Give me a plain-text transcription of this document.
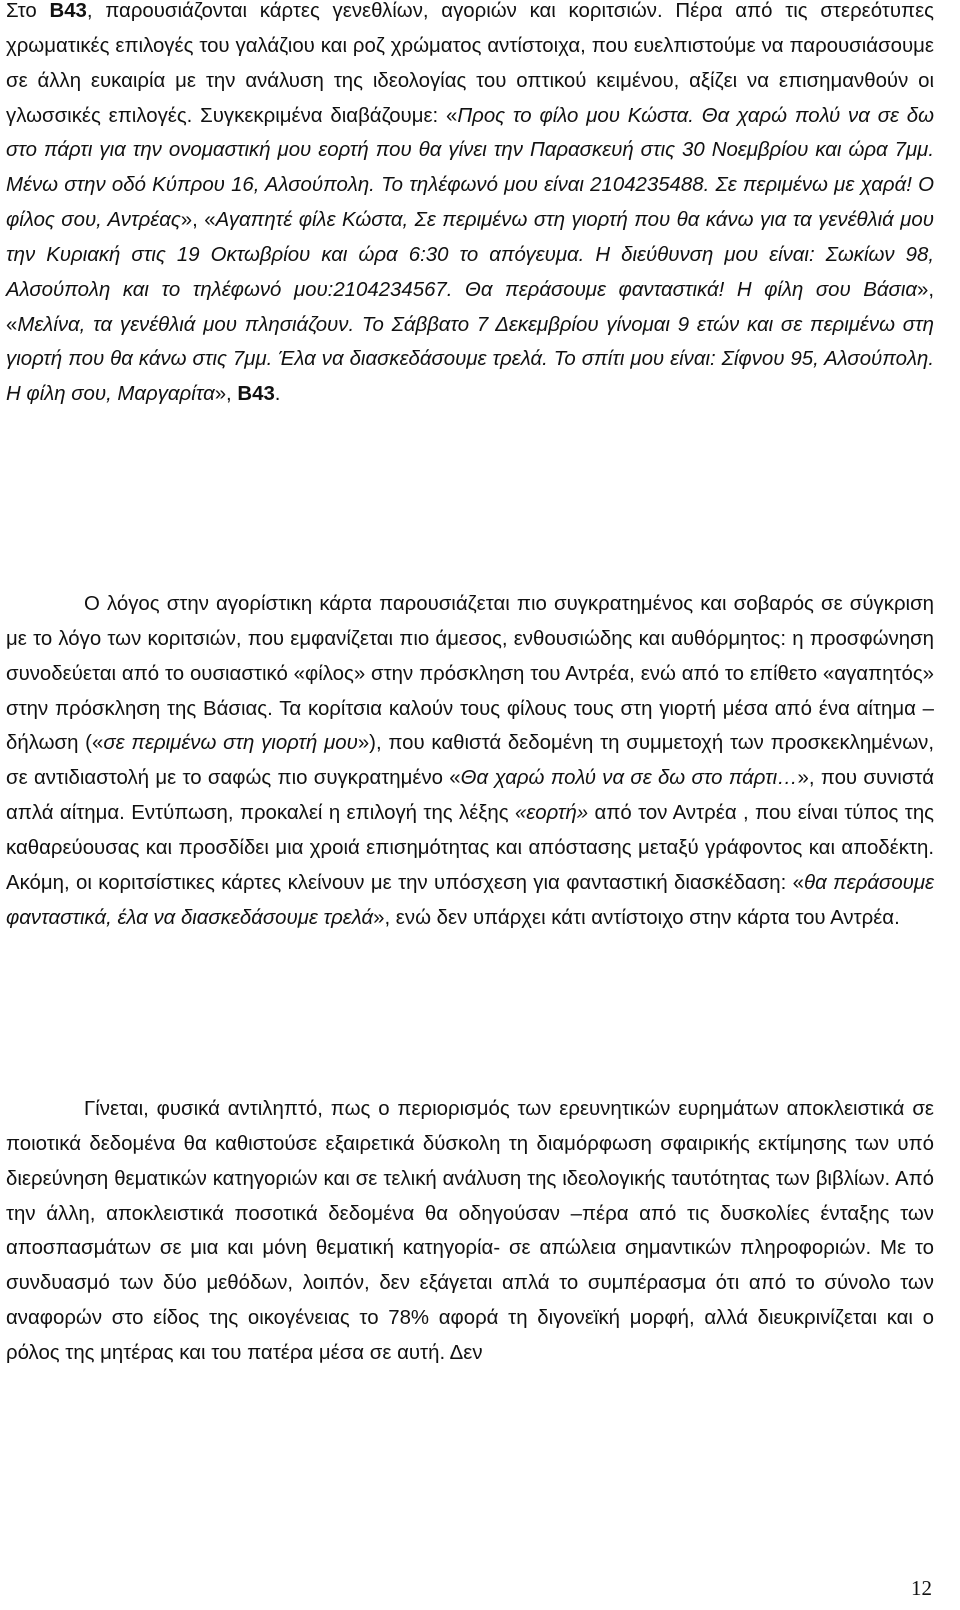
Στο Β43, παρουσιάζονται κάρτες γενεθλίων, αγοριών και κοριτσιών. Πέρα από τις στερεότυπες χρωματικές επιλογές του γαλάζιου και ροζ χρώματος αντίστοιχα, που ευελπιστούμε να παρουσιάσουμε σε άλλη ευκαιρία με την ανάλυση της ιδεολογίας του οπτικού κειμένου, αξίζει να επισημανθούν οι γλωσσικές επιλογές. Συγκεκριμένα διαβάζουμε: «Προς το φίλο μου Κώστα. Θα χαρώ πολύ να σε δω στο πάρτι για την ονομαστική μου εορτή που θα γίνει την Παρασκευή στις 30 Νοεμβρίου και ώρα 7μμ. Μένω στην οδό Κύπρου 16, Αλσούπολη. Το τηλέφωνό μου είναι 2104235488. Σε περιμένω με χαρά! Ο φίλος σου, Αντρέας», «Αγαπητέ φίλε Κώστα, Σε περιμένω στη γιορτή που θα κάνω για τα γενέθλιά μου την Κυριακή στις 19 Οκτωβρίου και ώρα 6:30 το απόγευμα. Η διεύθυνση μου είναι: Σωκίων 98, Αλσούπολη και το τηλέφωνό μου:2104234567. Θα περάσουμε φανταστικά! Η φίλη σου Βάσια», «Μελίνα, τα γενέθλιά μου πλησιάζουν. Το Σάββατο 7 Δεκεμβρίου γίνομαι 9 ετών και σε περιμένω στη γιορτή που θα κάνω στις 7μμ. Έλα να διασκεδάσουμε τρελά. Το σπίτι μου είναι: Σίφνου 95, Αλσούπολη. Η φίλη σου, Μαργαρίτα», Β43.

Ο λόγος στην αγορίστικη κάρτα παρουσιάζεται πιο συγκρατημένος και σοβαρός σε σύγκριση με το λόγο των κοριτσιών, που εμφανίζεται πιο άμεσος, ενθουσιώδης και αυθόρμητος: η προσφώνηση συνοδεύεται από το ουσιαστικό «φίλος» στην πρόσκληση του Αντρέα, ενώ από το επίθετο «αγαπητός» στην πρόσκληση της Βάσιας. Τα κορίτσια καλούν τους φίλους τους στη γιορτή μέσα από ένα αίτημα – δήλωση («σε περιμένω στη γιορτή μου»), που καθιστά δεδομένη τη συμμετοχή των προσκεκλημένων, σε αντιδιαστολή με το σαφώς πιο συγκρατημένο «Θα χαρώ πολύ να σε δω στο πάρτι…», που συνιστά απλά αίτημα. Εντύπωση, προκαλεί η επιλογή της λέξης «εορτή» από τον Αντρέα , που είναι τύπος της καθαρεύουσας και προσδίδει μια χροιά επισημότητας και απόστασης μεταξύ γράφοντος και αποδέκτη. Ακόμη, οι κοριτσίστικες κάρτες κλείνουν με την υπόσχεση για φανταστική διασκέδαση: «θα περάσουμε φανταστικά, έλα να διασκεδάσουμε τρελά», ενώ δεν υπάρχει κάτι αντίστοιχο στην κάρτα του Αντρέα.

Γίνεται, φυσικά αντιληπτό, πως ο περιορισμός των ερευνητικών ευρημάτων αποκλειστικά σε ποιοτικά δεδομένα θα καθιστούσε εξαιρετικά δύσκολη τη διαμόρφωση σφαιρικής εκτίμησης των υπό διερεύνηση θεματικών κατηγοριών και σε τελική ανάλυση της ιδεολογικής ταυτότητας των βιβλίων. Από την άλλη, αποκλειστικά ποσοτικά δεδομένα θα οδηγούσαν –πέρα από τις δυσκολίες ένταξης των αποσπασμάτων σε μια και μόνη θεματική κατηγορία- σε απώλεια σημαντικών πληροφοριών. Με το συνδυασμό των δύο μεθόδων, λοιπόν, δεν εξάγεται απλά το συμπέρασμα ότι από το σύνολο των αναφορών στο είδος της οικογένειας το 78% αφορά τη διγονεϊκή μορφή, αλλά διευκρινίζεται και ο ρόλος της μητέρας και του πατέρα μέσα σε αυτή. Δεν

12
